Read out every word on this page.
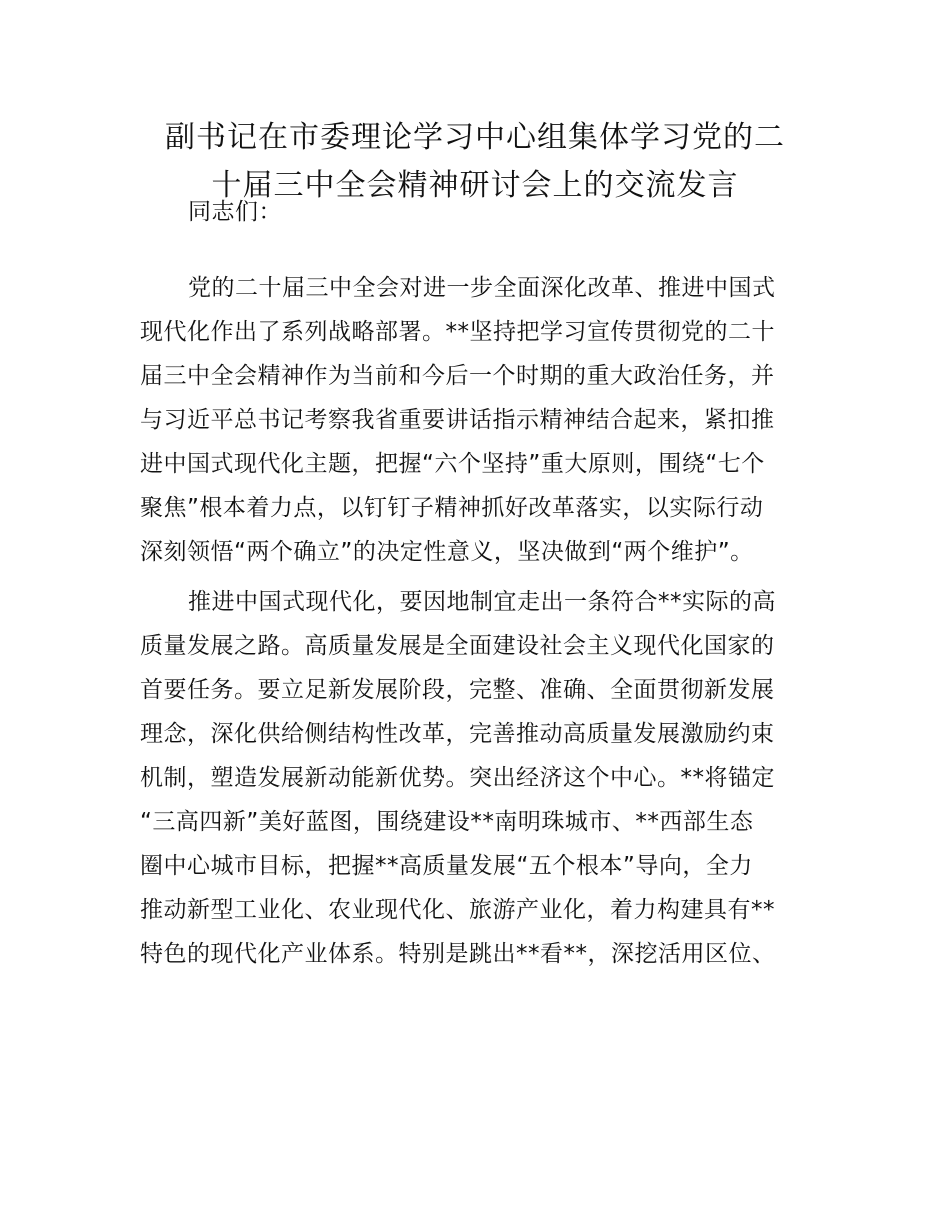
副书记在市委理论学习中心组集体学习党的二
十届三中全会精神研讨会上的交流发言
同志们：
党的二十届三中全会对进一步全面深化改革、推进中国式
现代化作出了系列战略部署。**坚持把学习宣传贯彻党的二十
届三中全会精神作为当前和今后一个时期的重大政治任务，并
与习近平总书记考察我省重要讲话指示精神结合起来，紧扣推
进中国式现代化主题，把握“六个坚持”重大原则，围绕“七个
聚焦”根本着力点，以钉钉子精神抓好改革落实，以实际行动
深刻领悟“两个确立”的决定性意义，坚决做到“两个维护”。
推进中国式现代化，要因地制宜走出一条符合**实际的高
质量发展之路。高质量发展是全面建设社会主义现代化国家的
首要任务。要立足新发展阶段，完整、准确、全面贯彻新发展
理念，深化供给侧结构性改革，完善推动高质量发展激励约束
机制，塑造发展新动能新优势。突出经济这个中心。**将锚定
“三高四新”美好蓝图，围绕建设**南明珠城市、**西部生态
圈中心城市目标，把握**高质量发展“五个根本”导向，全力
推动新型工业化、农业现代化、旅游产业化，着力构建具有**
特色的现代化产业体系。特别是跳出**看**，深挖活用区位、
